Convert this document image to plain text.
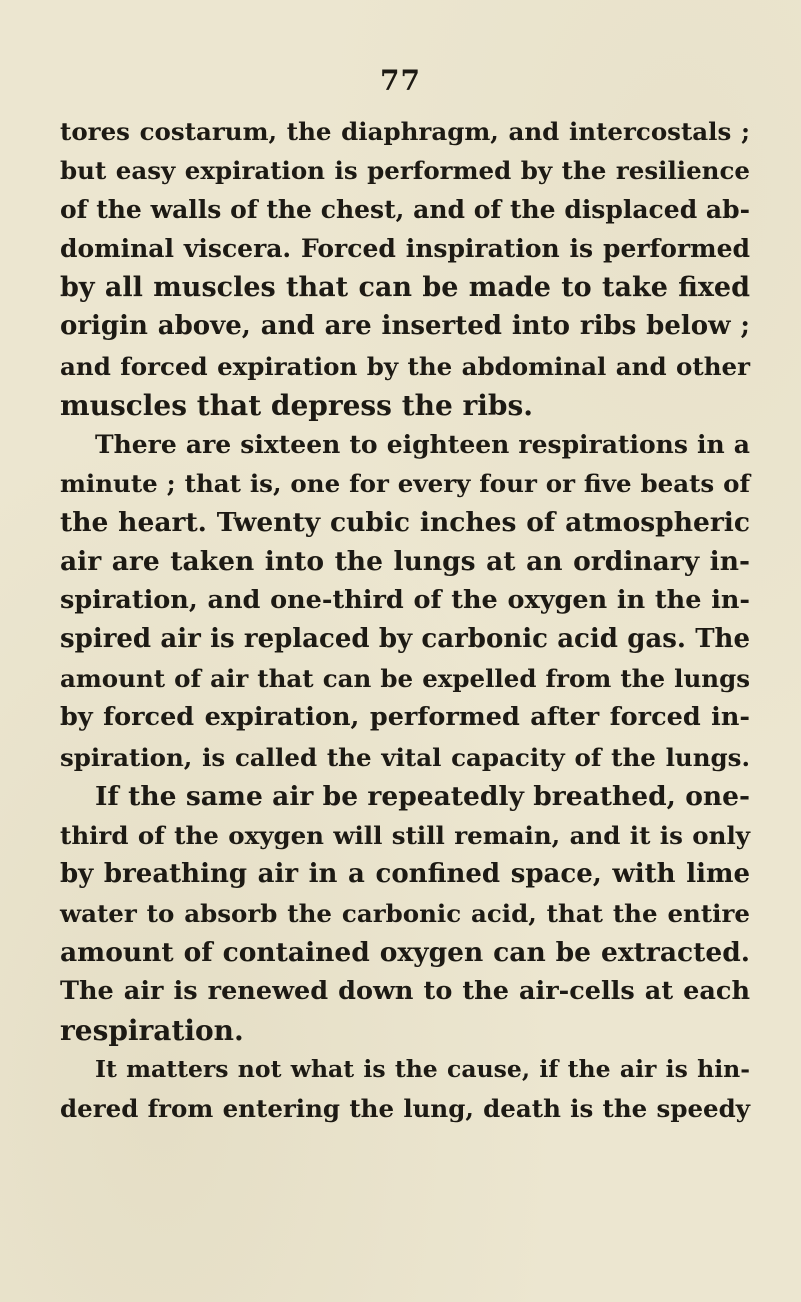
77
tores costarum, the diaphragm, and intercostals ;
but easy expiration is performed by the resilience
of the walls of the chest, and of the displaced ab-
dominal viscera. Forced inspiration is performed
by all muscles that can be made to take fixed
origin above, and are inserted into ribs below ;
and forced expiration by the abdominal and other
muscles that depress the ribs.
There are sixteen to eighteen respirations in a
minute ; that is, one for every four or five beats of
the heart. Twenty cubic inches of atmospheric
air are taken into the lungs at an ordinary in-
spiration, and one-third of the oxygen in the in-
spired air is replaced by carbonic acid gas. The
amount of air that can be expelled from the lungs
by forced expiration, performed after forced in-
spiration, is called the vital capacity of the lungs.
If the same air be repeatedly breathed, one-
third of the oxygen will still remain, and it is only
by breathing air in a confined space, with lime
water to absorb the carbonic acid, that the entire
amount of contained oxygen can be extracted.
The air is renewed down to the air-cells at each
respiration.
It matters not what is the cause, if the air is hin-
dered from entering the lung, death is the speedy
